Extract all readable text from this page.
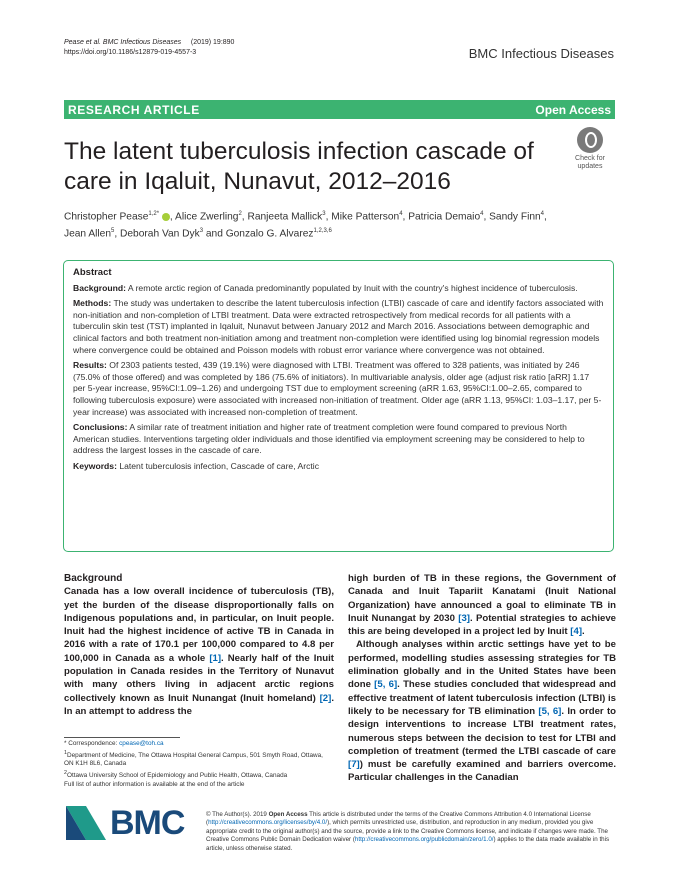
Pease et al. BMC Infectious Diseases (2019) 19:890
https://doi.org/10.1186/s12879-019-4557-3	BMC Infectious Diseases
RESEARCH ARTICLE	Open Access
The latent tuberculosis infection cascade of care in Iqaluit, Nunavut, 2012–2016
Check for updates
Christopher Pease$^{1,2*}$ , Alice Zwerling$^2$, Ranjeeta Mallick$^3$, Mike Patterson$^4$, Patricia Demaio$^4$, Sandy Finn$^4$,
Jean Allen$^5$, Deborah Van Dyk$^3$ and Gonzalo G. Alvarez$^{1,2,3,6}$
Abstract

Background: A remote arctic region of Canada predominantly populated by Inuit with the country's highest incidence of tuberculosis.

Methods: The study was undertaken to describe the latent tuberculosis infection (LTBI) cascade of care and identify factors associated with non-initiation and non-completion of LTBI treatment. Data were extracted retrospectively from medical records for all patients with a tuberculin skin test (TST) implanted in Iqaluit, Nunavut between January 2012 and March 2016. Associations between demographic and clinical factors and both treatment non-initiation among and treatment non-completion were identified using log binomial regression models where convergence could be obtained and Poisson models with robust error variance where convergence was not obtained.

Results: Of 2303 patients tested, 439 (19.1%) were diagnosed with LTBI. Treatment was offered to 328 patients, was initiated by 246 (75.0% of those offered) and was completed by 186 (75.6% of initiators). In multivariable analysis, older age (adjust risk ratio [aRR] 1.17 per 5-year increase, 95%CI:1.09–1.26) and undergoing TST due to employment screening (aRR 1.63, 95%CI:1.00–2.65, compared to following tuberculosis exposure) were associated with increased non-initiation of treatment. Older age (aRR 1.13, 95%CI: 1.03–1.17, per 5-year increase) was associated with increased non-completion of treatment.

Conclusions: A similar rate of treatment initiation and higher rate of treatment completion were found compared to previous North American studies. Interventions targeting older individuals and those identified via employment screening may be considered to help to address the largest losses in the cascade of care.

Keywords: Latent tuberculosis infection, Cascade of care, Arctic

Background
Canada has a low overall incidence of tuberculosis (TB), yet the burden of the disease disproportionally falls on Indigenous populations and, in particular, on Inuit people. Inuit had the highest incidence of active TB in Canada in 2016 with a rate of 170.1 per 100,000 compared to 4.8 per 100,000 in Canada as a whole [1]. Nearly half of the Inuit population in Canada resides in the Territory of Nunavut with many others living in adjacent arctic regions collectively known as Inuit Nunangat (Inuit homeland) [2]. In an attempt to address the

high burden of TB in these regions, the Government of Canada and Inuit Tapariit Kanatami (Inuit National Organization) have announced a goal to eliminate TB in Inuit Nunangat by 2030 [3]. Potential strategies to achieve this are being developed in a project led by Inuit [4].

Although analyses within arctic settings have yet to be performed, modelling studies assessing strategies for TB elimination globally and in the United States have been done [5, 6]. These studies concluded that widespread and effective treatment of latent tuberculosis infection (LTBI) is likely to be necessary for TB elimination [5, 6]. In order to design interventions to increase LTBI treatment rates, numerous steps between the decision to test for LTBI and completion of treatment (termed the LTBI cascade of care [7]) must be carefully examined and barriers overcome. Particular challenges in the Canadian

* Correspondence: cpease@toh.ca
$^1$Department of Medicine, The Ottawa Hospital General Campus, 501 Smyth Road, Ottawa, ON K1H 8L6, Canada
$^2$Ottawa University School of Epidemiology and Public Health, Ottawa, Canada
Full list of author information is available at the end of the article
BMC	© The Author(s). 2019 Open Access This article is distributed under the terms of the Creative Commons Attribution 4.0 International License (http://creativecommons.org/licenses/by/4.0/), which permits unrestricted use, distribution, and reproduction in any medium, provided you give appropriate credit to the original author(s) and the source, provide a link to the Creative Commons license, and indicate if changes were made. The Creative Commons Public Domain Dedication waiver (http://creativecommons.org/publicdomain/zero/1.0/) applies to the data made available in this article, unless otherwise stated.
